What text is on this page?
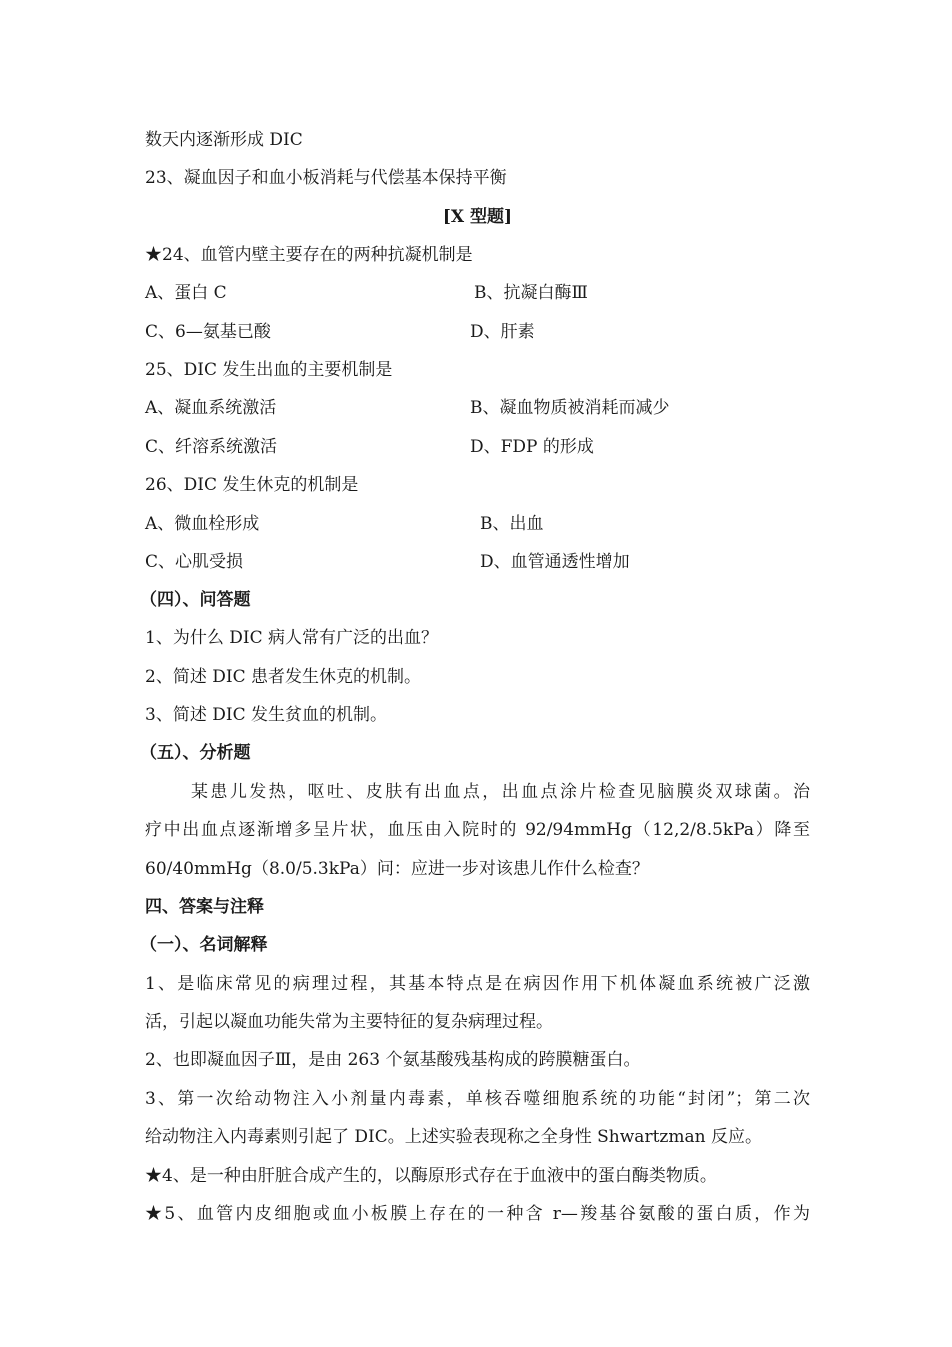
数天内逐渐形成 DIC
23、凝血因子和血小板消耗与代偿基本保持平衡
[X 型题]
★24、血管内壁主要存在的两种抗凝机制是
A、蛋白 C	B、抗凝白酶Ⅲ
C、6—氨基已酸	D、肝素
25、DIC 发生出血的主要机制是
A、凝血系统激活	B、凝血物质被消耗而减少
C、纤溶系统激活	D、FDP 的形成
26、DIC 发生休克的机制是
A、微血栓形成	B、出血
C、心肌受损	D、血管通透性增加
（四）、问答题
1、为什么 DIC 病人常有广泛的出血？
2、简述 DIC 患者发生休克的机制。
3、简述 DIC 发生贫血的机制。
（五）、分析题
某患儿发热，呕吐、皮肤有出血点，出血点涂片检查见脑膜炎双球菌。治
疗中出血点逐渐增多呈片状，血压由入院时的 92/94mmHg（12,2/8.5kPa）降至
60/40mmHg（8.0/5.3kPa）问：应进一步对该患儿作什么检查？
四、答案与注释
（一）、名词解释
1、是临床常见的病理过程，其基本特点是在病因作用下机体凝血系统被广泛激
活，引起以凝血功能失常为主要特征的复杂病理过程。
2、也即凝血因子Ⅲ，是由 263 个氨基酸残基构成的跨膜糖蛋白。
3、第一次给动物注入小剂量内毒素，单核吞噬细胞系统的功能“封闭”；第二次
给动物注入内毒素则引起了 DIC。上述实验表现称之全身性 Shwartzman 反应。
★4、是一种由肝脏合成产生的，以酶原形式存在于血液中的蛋白酶类物质。
★5、血管内皮细胞或血小板膜上存在的一种含 r—羧基谷氨酸的蛋白质，作为
